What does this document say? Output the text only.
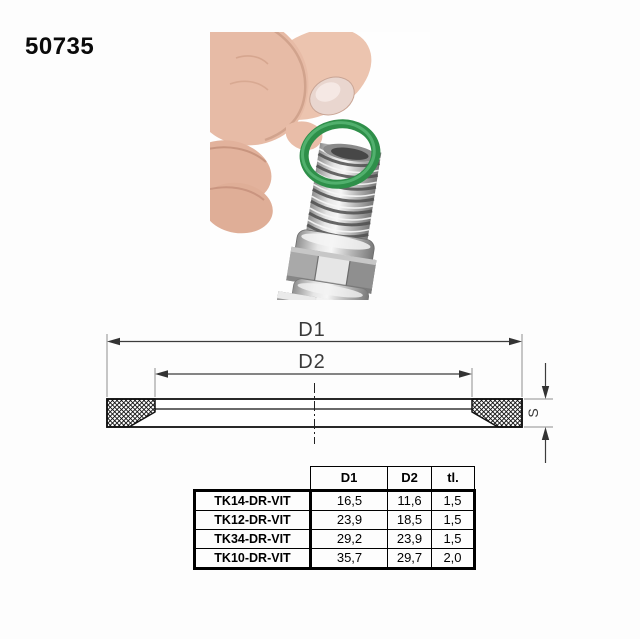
50735
D1
D2
S
	D1	D2	tl.
TK14-DR-VIT	16,5	11,6	1,5
TK12-DR-VIT	23,9	18,5	1,5
TK34-DR-VIT	29,2	23,9	1,5
TK10-DR-VIT	35,7	29,7	2,0
